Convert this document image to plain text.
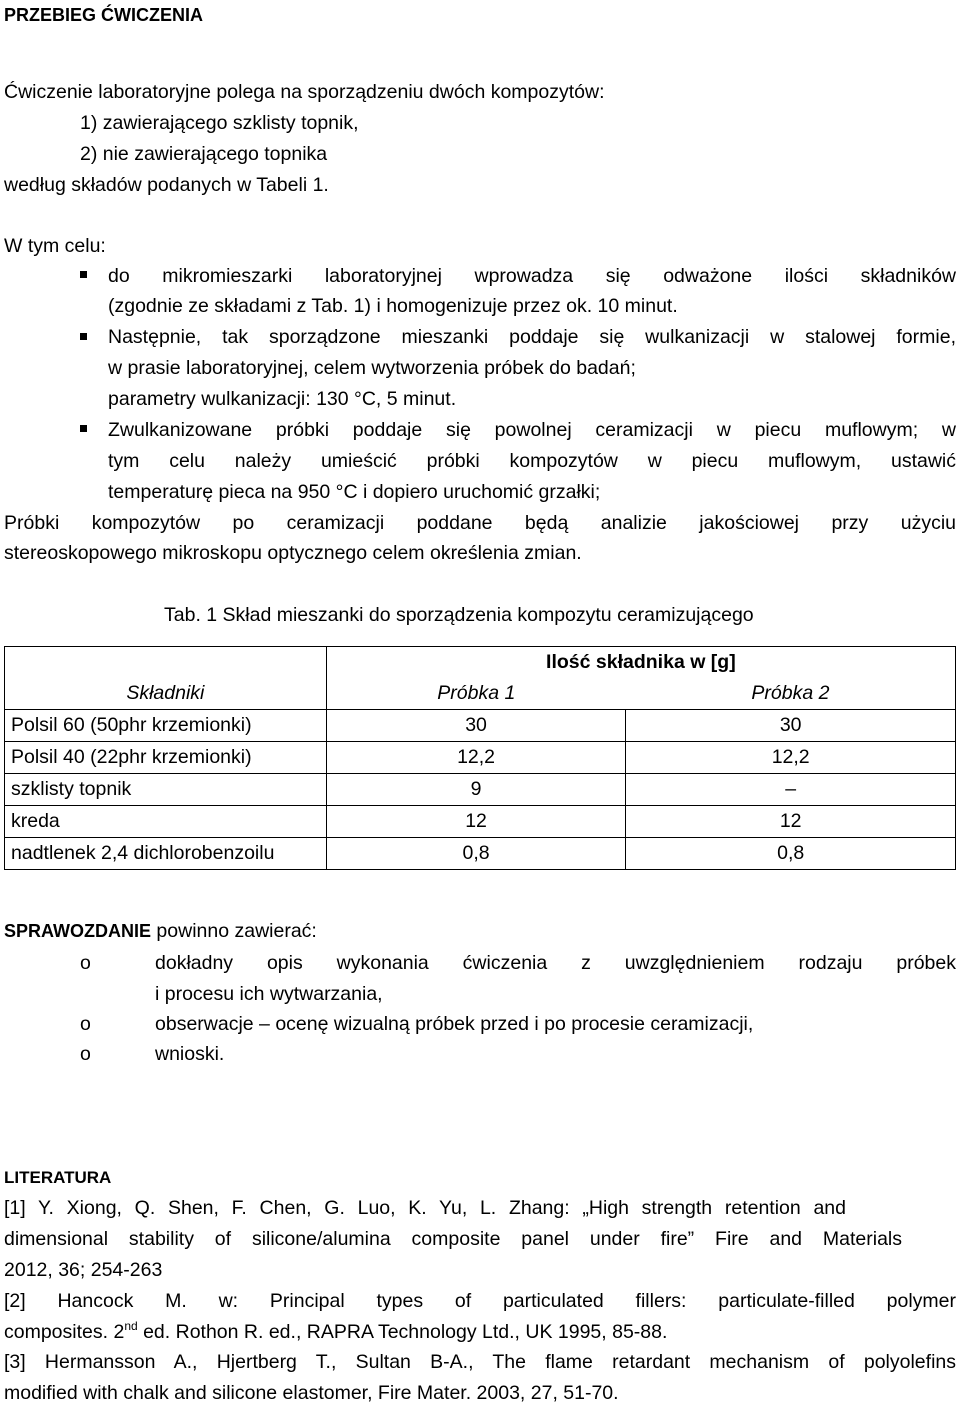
PRZEBIEG ĆWICZENIA
Ćwiczenie laboratoryjne polega na sporządzeniu dwóch kompozytów:
1) zawierającego szklisty topnik,
2) nie zawierającego topnika
według składów podanych w Tabeli 1.
W tym celu:
do mikromieszarki laboratoryjnej wprowadza się odważone ilości składników
(zgodnie ze składami z Tab. 1) i homogenizuje przez ok. 10 minut.
Następnie, tak sporządzone mieszanki poddaje się wulkanizacji w stalowej formie,
w prasie laboratoryjnej, celem wytworzenia próbek do badań;
parametry wulkanizacji: 130 °C, 5 minut.
Zwulkanizowane próbki poddaje się powolnej ceramizacji w piecu muflowym; w
tym celu należy umieścić próbki kompozytów w piecu muflowym, ustawić
temperaturę pieca na 950 °C i dopiero uruchomić grzałki;
Próbki kompozytów po ceramizacji poddane będą analizie jakościowej przy użyciu
stereoskopowego mikroskopu optycznego celem określenia zmian.
Tab. 1 Skład mieszanki do sporządzenia kompozytu ceramizującego
Składniki	Ilość składnika w [g]	
	Próbka 1	Próbka 2
Polsil 60 (50phr krzemionki)	30	30
Polsil 40 (22phr krzemionki)	12,2	12,2
szklisty topnik	9	–
kreda	12	12
nadtlenek 2,4 dichlorobenzoilu	0,8	0,8
SPRAWOZDANIE powinno zawierać:
o	dokładny opis wykonania ćwiczenia z uwzględnieniem rodzaju próbek
i procesu ich wytwarzania,
o	obserwacje – ocenę wizualną próbek przed i po procesie ceramizacji,
o	wnioski.
LITERATURA
[1] Y. Xiong, Q. Shen, F. Chen, G. Luo, K. Yu, L. Zhang: „High strength retention and
dimensional stability of silicone/alumina composite panel under fire” Fire and Materials
2012, 36; 254-263
[2] Hancock M. w: Principal types of particulated fillers: particulate-filled polymer
composites. 2nd ed. Rothon R. ed., RAPRA Technology Ltd., UK 1995, 85-88.
[3] Hermansson A., Hjertberg T., Sultan B-A., The flame retardant mechanism of polyolefins
modified with chalk and silicone elastomer, Fire Mater. 2003, 27, 51-70.
